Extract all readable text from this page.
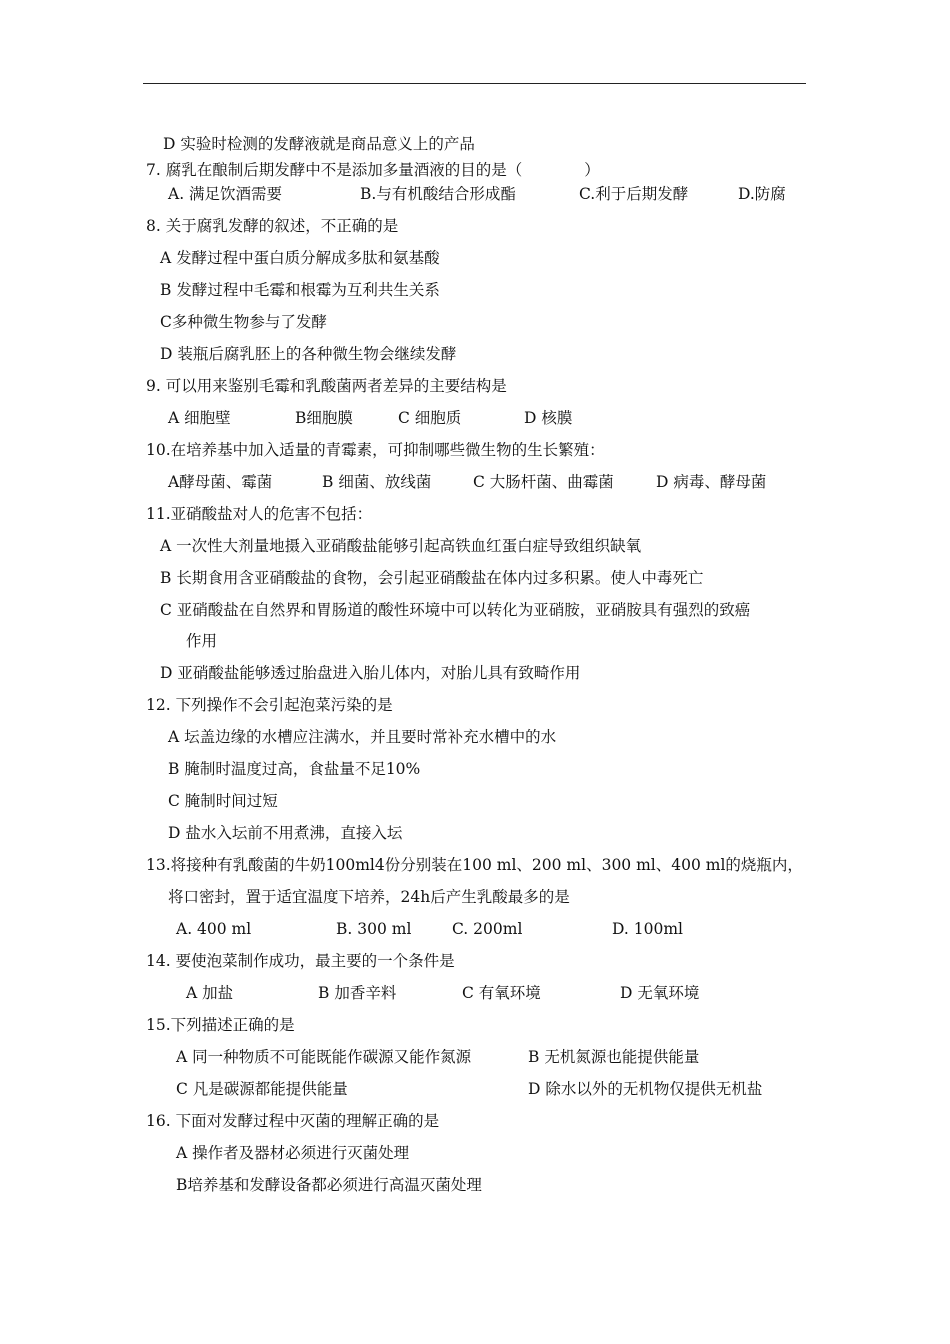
D 实验时检测的发酵液就是商品意义上的产品
7. 腐乳在酿制后期发酵中不是添加多量酒液的目的是（　　　　）
A. 满足饮酒需要	B.与有机酸结合形成酯	C.利于后期发酵	D.防腐
8. 关于腐乳发酵的叙述，不正确的是
A 发酵过程中蛋白质分解成多肽和氨基酸
B 发酵过程中毛霉和根霉为互利共生关系
C多种微生物参与了发酵
D 装瓶后腐乳胚上的各种微生物会继续发酵
9. 可以用来鉴别毛霉和乳酸菌两者差异的主要结构是
A 细胞壁	B细胞膜	C 细胞质	D 核膜
10.在培养基中加入适量的青霉素，可抑制哪些微生物的生长繁殖：
A酵母菌、霉菌	B 细菌、放线菌	C 大肠杆菌、曲霉菌	D 病毒、酵母菌
11.亚硝酸盐对人的危害不包括：
A 一次性大剂量地摄入亚硝酸盐能够引起高铁血红蛋白症导致组织缺氧
B 长期食用含亚硝酸盐的食物，会引起亚硝酸盐在体内过多积累。使人中毒死亡
C 亚硝酸盐在自然界和胃肠道的酸性环境中可以转化为亚硝胺，亚硝胺具有强烈的致癌
作用
D 亚硝酸盐能够透过胎盘进入胎儿体内，对胎儿具有致畸作用
12. 下列操作不会引起泡菜污染的是
A 坛盖边缘的水槽应注满水，并且要时常补充水槽中的水
B 腌制时温度过高，食盐量不足10%
C 腌制时间过短
D 盐水入坛前不用煮沸，直接入坛
13.将接种有乳酸菌的牛奶100ml4份分别装在100 ml、200 ml、300 ml、400 ml的烧瓶内，
将口密封，置于适宜温度下培养，24h后产生乳酸最多的是
A. 400 ml	B. 300 ml	C. 200ml	D. 100ml
14. 要使泡菜制作成功，最主要的一个条件是
A 加盐	B 加香辛料	C 有氧环境	D 无氧环境
15.下列描述正确的是
A 同一种物质不可能既能作碳源又能作氮源	B 无机氮源也能提供能量
C 凡是碳源都能提供能量	D 除水以外的无机物仅提供无机盐
16. 下面对发酵过程中灭菌的理解正确的是
A 操作者及器材必须进行灭菌处理
B培养基和发酵设备都必须进行高温灭菌处理
